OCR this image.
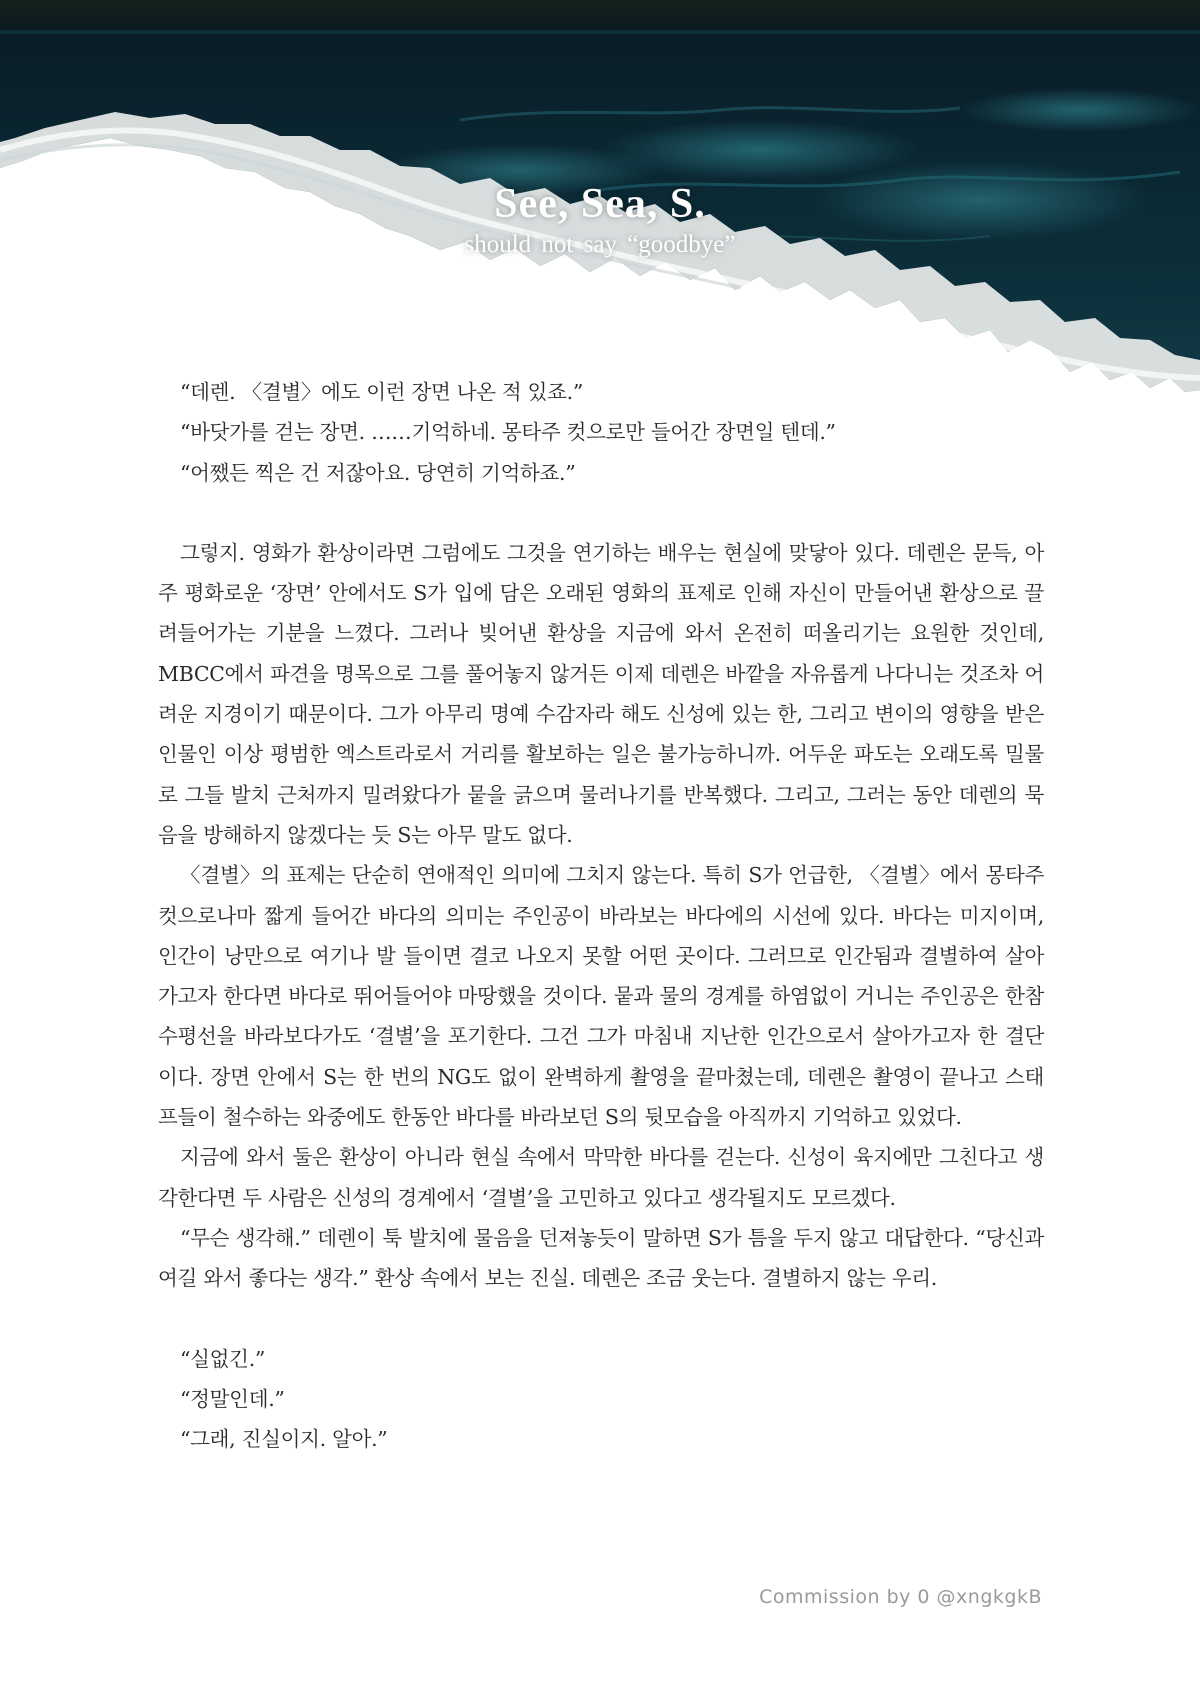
See, Sea, S.
should not say “goodbye”

“데렌. 〈결별〉에도 이런 장면 나온 적 있죠.”

“바닷가를 걷는 장면. ……기억하네. 몽타주 컷으로만 들어간 장면일 텐데.”

“어쨌든 찍은 건 저잖아요. 당연히 기억하죠.”

그렇지. 영화가 환상이라면 그럼에도 그것을 연기하는 배우는 현실에 맞닿아 있다. 데렌은 문득, 아주 평화로운 ‘장면’ 안에서도 S가 입에 담은 오래된 영화의 표제로 인해 자신이 만들어낸 환상으로 끌려들어가는 기분을 느꼈다. 그러나 빚어낸 환상을 지금에 와서 온전히 떠올리기는 요원한 것인데, MBCC에서 파견을 명목으로 그를 풀어놓지 않거든 이제 데렌은 바깥을 자유롭게 나다니는 것조차 어려운 지경이기 때문이다. 그가 아무리 명예 수감자라 해도 신성에 있는 한, 그리고 변이의 영향을 받은 인물인 이상 평범한 엑스트라로서 거리를 활보하는 일은 불가능하니까. 어두운 파도는 오래도록 밀물로 그들 발치 근처까지 밀려왔다가 뭍을 긁으며 물러나기를 반복했다. 그리고, 그러는 동안 데렌의 묵음을 방해하지 않겠다는 듯 S는 아무 말도 없다.

〈결별〉의 표제는 단순히 연애적인 의미에 그치지 않는다. 특히 S가 언급한, 〈결별〉에서 몽타주 컷으로나마 짧게 들어간 바다의 의미는 주인공이 바라보는 바다에의 시선에 있다. 바다는 미지이며, 인간이 낭만으로 여기나 발 들이면 결코 나오지 못할 어떤 곳이다. 그러므로 인간됨과 결별하여 살아가고자 한다면 바다로 뛰어들어야 마땅했을 것이다. 뭍과 물의 경계를 하염없이 거니는 주인공은 한참 수평선을 바라보다가도 ‘결별’을 포기한다. 그건 그가 마침내 지난한 인간으로서 살아가고자 한 결단이다. 장면 안에서 S는 한 번의 NG도 없이 완벽하게 촬영을 끝마쳤는데, 데렌은 촬영이 끝나고 스태프들이 철수하는 와중에도 한동안 바다를 바라보던 S의 뒷모습을 아직까지 기억하고 있었다.

지금에 와서 둘은 환상이 아니라 현실 속에서 막막한 바다를 걷는다. 신성이 육지에만 그친다고 생각한다면 두 사람은 신성의 경계에서 ‘결별’을 고민하고 있다고 생각될지도 모르겠다.

“무슨 생각해.” 데렌이 툭 발치에 물음을 던져놓듯이 말하면 S가 틈을 두지 않고 대답한다. “당신과 여길 와서 좋다는 생각.” 환상 속에서 보는 진실. 데렌은 조금 웃는다. 결별하지 않는 우리.

“실없긴.”

“정말인데.”

“그래, 진실이지. 알아.”

Commission by 0 @xngkgkB
